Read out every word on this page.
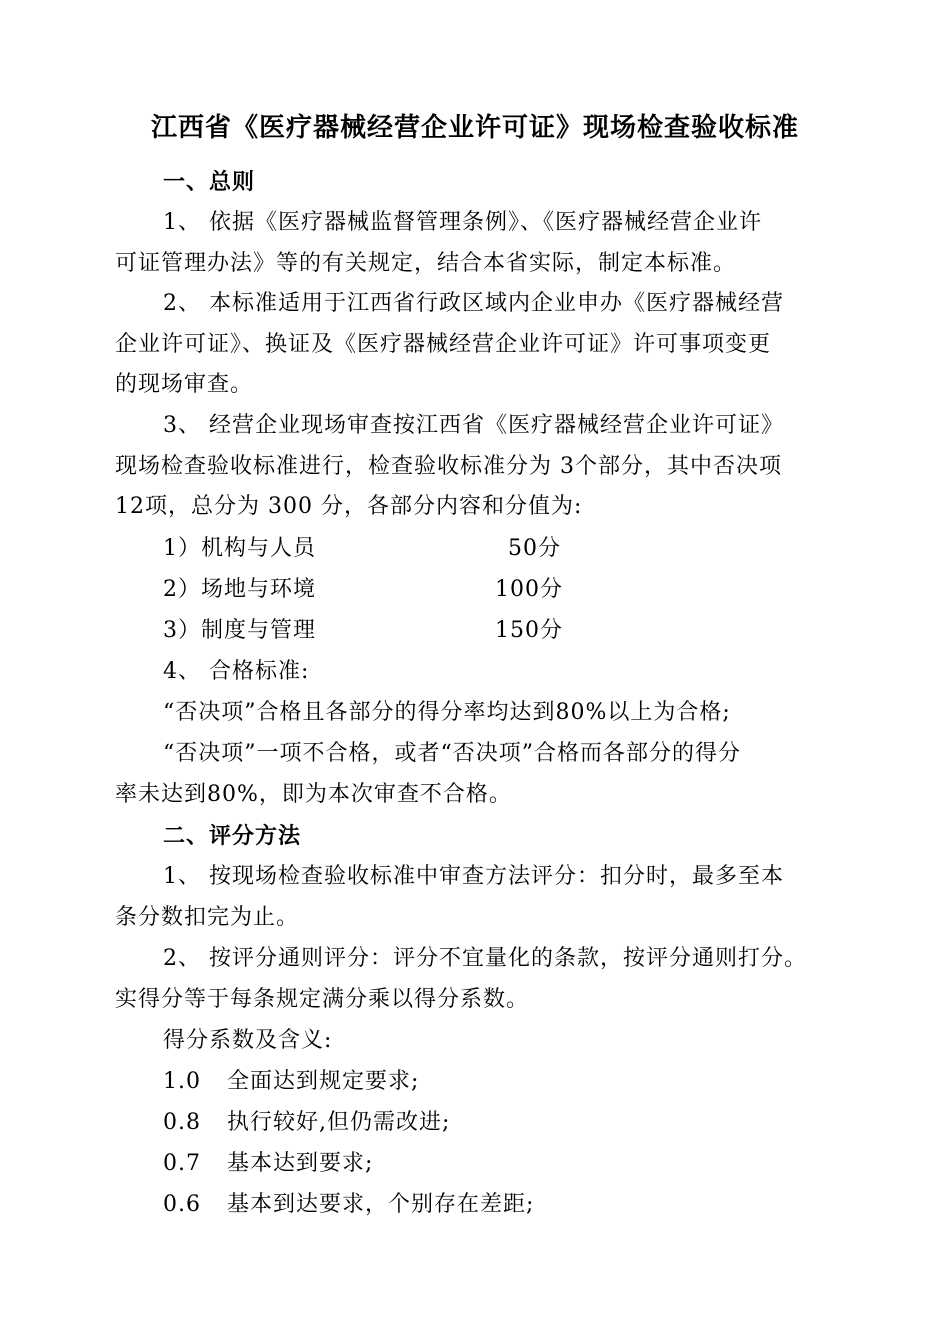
江西省《医疗器械经营企业许可证》现场检查验收标准
一、总则
1、 依据《医疗器械监督管理条例》、《医疗器械经营企业许
可证管理办法》等的有关规定，结合本省实际，制定本标准。
2、 本标准适用于江西省行政区域内企业申办《医疗器械经营
企业许可证》、换证及《医疗器械经营企业许可证》许可事项变更
的现场审查。
3、 经营企业现场审查按江西省《医疗器械经营企业许可证》
现场检查验收标准进行，检查验收标准分为 3个部分，其中否决项
12项，总分为 300 分，各部分内容和分值为:
1）机构与人员	50分
2）场地与环境	100分
3）制度与管理	150分
4、 合格标准:
“否决项”合格且各部分的得分率均达到80%以上为合格;
“否决项”一项不合格，或者“否决项”合格而各部分的得分
率未达到80%，即为本次审查不合格。
二、评分方法
1、 按现场检查验收标准中审查方法评分：扣分时，最多至本
条分数扣完为止。
2、 按评分通则评分：评分不宜量化的条款，按评分通则打分。
实得分等于每条规定满分乘以得分系数。
得分系数及含义:
1.0 全面达到规定要求;
0.8 执行较好,但仍需改进;
0.7 基本达到要求;
0.6 基本到达要求，个别存在差距;
